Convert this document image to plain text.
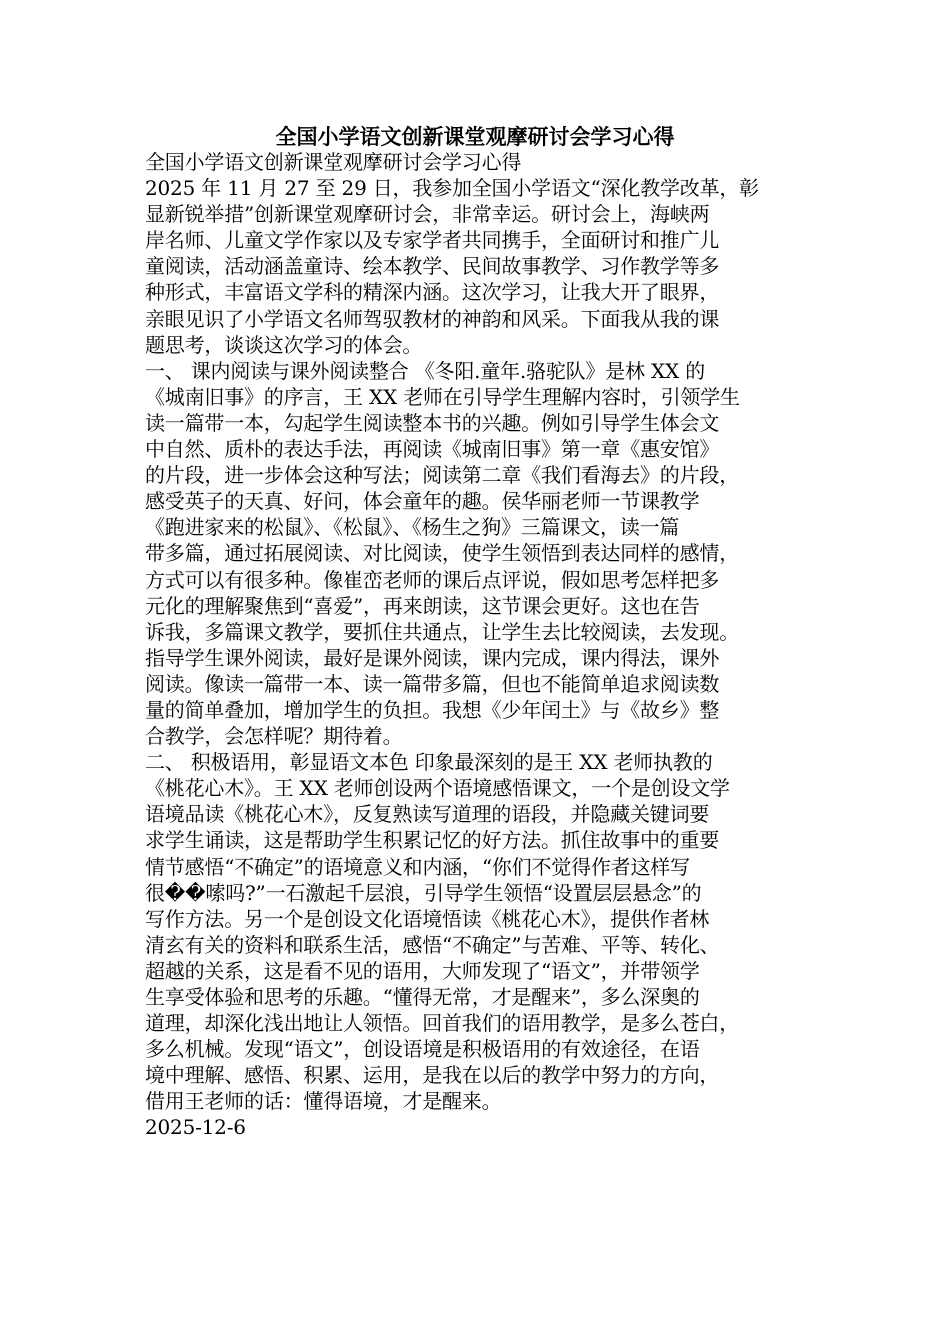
全国小学语文创新课堂观摩研讨会学习心得
全国小学语文创新课堂观摩研讨会学习心得
2025 年 11 月 27 至 29 日，我参加全国小学语文“深化教学改革，彰
显新锐举措”创新课堂观摩研讨会，非常幸运。研讨会上，海峡两
岸名师、儿童文学作家以及专家学者共同携手，全面研讨和推广儿
童阅读，活动涵盖童诗、绘本教学、民间故事教学、习作教学等多
种形式，丰富语文学科的精深内涵。这次学习，让我大开了眼界，
亲眼见识了小学语文名师驾驭教材的神韵和风采。下面我从我的课
题思考，谈谈这次学习的体会。
一、 课内阅读与课外阅读整合 《冬阳.童年.骆驼队》是林 XX 的
《城南旧事》的序言，王 XX 老师在引导学生理解内容时，引领学生
读一篇带一本，勾起学生阅读整本书的兴趣。例如引导学生体会文
中自然、质朴的表达手法，再阅读《城南旧事》第一章《惠安馆》
的片段，进一步体会这种写法；阅读第二章《我们看海去》的片段，
感受英子的天真、好问，体会童年的趣。侯华丽老师一节课教学
《跑进家来的松鼠》、《松鼠》、《杨生之狗》三篇课文，读一篇
带多篇，通过拓展阅读、对比阅读，使学生领悟到表达同样的感情，
方式可以有很多种。像崔峦老师的课后点评说，假如思考怎样把多
元化的理解聚焦到“喜爱”，再来朗读，这节课会更好。这也在告
诉我，多篇课文教学，要抓住共通点，让学生去比较阅读，去发现。
指导学生课外阅读，最好是课外阅读，课内完成，课内得法，课外
阅读。像读一篇带一本、读一篇带多篇，但也不能简单追求阅读数
量的简单叠加，增加学生的负担。我想《少年闰土》与《故乡》整
合教学，会怎样呢？期待着。
二、 积极语用，彰显语文本色 印象最深刻的是王 XX 老师执教的
《桃花心木》。王 XX 老师创设两个语境感悟课文，一个是创设文学
语境品读《桃花心木》，反复熟读写道理的语段，并隐藏关键词要
求学生诵读，这是帮助学生积累记忆的好方法。抓住故事中的重要
情节感悟“不确定”的语境意义和内涵，“你们不觉得作者这样写
很��嗦吗?”一石激起千层浪，引导学生领悟“设置层层悬念”的
写作方法。另一个是创设文化语境悟读《桃花心木》，提供作者林
清玄有关的资料和联系生活，感悟“不确定”与苦难、平等、转化、
超越的关系，这是看不见的语用，大师发现了“语文”，并带领学
生享受体验和思考的乐趣。“懂得无常，才是醒来”，多么深奥的
道理，却深化浅出地让人领悟。回首我们的语用教学，是多么苍白，
多么机械。发现“语文”，创设语境是积极语用的有效途径，在语
境中理解、感悟、积累、运用，是我在以后的教学中努力的方向，
借用王老师的话：懂得语境，才是醒来。
2025-12-6
